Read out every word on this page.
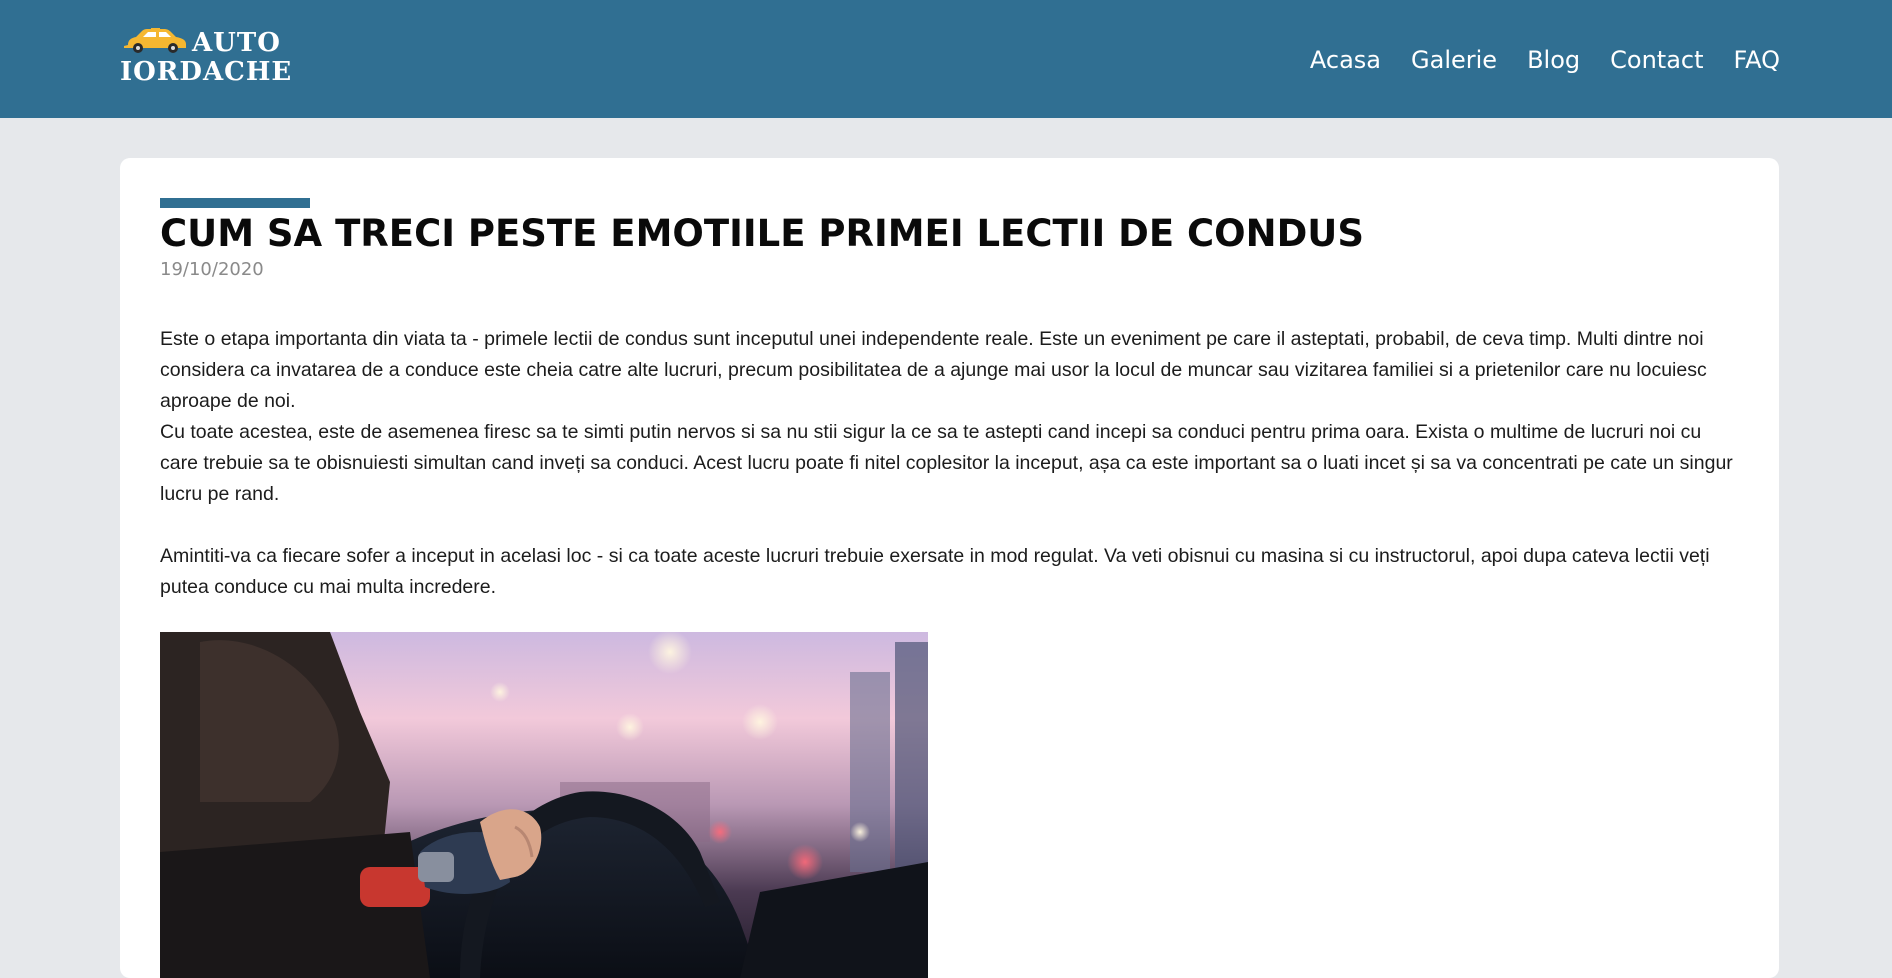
AUTO
IORDACHE	Acasa Galerie Blog Contact FAQ
CUM SA TRECI PESTE EMOTIILE PRIMEI LECTII DE CONDUS
19/10/2020

Este o etapa importanta din viata ta - primele lectii de condus sunt inceputul unei independente reale. Este un eveniment pe care il asteptati, probabil, de ceva timp. Multi dintre noi considera ca invatarea de a conduce este cheia catre alte lucruri, precum posibilitatea de a ajunge mai usor la locul de muncar sau vizitarea familiei si a prietenilor care nu locuiesc aproape de noi.

Cu toate acestea, este de asemenea firesc sa te simti putin nervos si sa nu stii sigur la ce sa te astepti cand incepi sa conduci pentru prima oara. Exista o multime de lucruri noi cu care trebuie sa te obisnuiesti simultan cand inveți sa conduci. Acest lucru poate fi nitel coplesitor la inceput, așa ca este important sa o luati incet și sa va concentrati pe cate un singur lucru pe rand.

Amintiti-va ca fiecare sofer a inceput in acelasi loc - si ca toate aceste lucruri trebuie exersate in mod regulat. Va veti obisnui cu masina si cu instructorul, apoi dupa cateva lectii veți putea conduce cu mai multa incredere.
